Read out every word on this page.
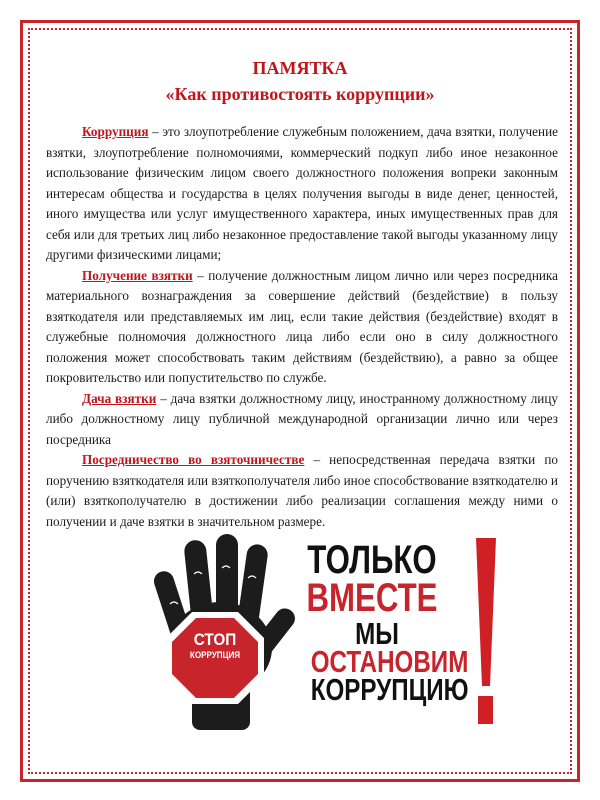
ПАМЯТКА
«Как противостоять коррупции»

Коррупция – это злоупотребление служебным положением, дача взятки, получение взятки, злоупотребление полномочиями, коммерческий подкуп либо иное незаконное использование физическим лицом своего должностного положения вопреки законным интересам общества и государства в целях получения выгоды в виде денег, ценностей, иного имущества или услуг имущественного характера, иных имущественных прав для себя или для третьих лиц либо незаконное предоставление такой выгоды указанному лицу другими физическими лицами;

Получение взятки – получение должностным лицом лично или через посредника материального вознаграждения за совершение действий (бездействие) в пользу взяткодателя или представляемых им лиц, если такие действия (бездействие) входят в служебные полномочия должностного лица либо если оно в силу должностного положения может способствовать таким действиям (бездействию), а равно за общее покровительство или попустительство по службе.

Дача взятки – дача взятки должностному лицу, иностранному должностному лицу либо должностному лицу публичной международной организации лично или через посредника

Посредничество во взяточничестве – непосредственная передача взятки по поручению взяткодателя или взяткополучателя либо иное способствование взяткодателю и (или) взяткополучателю в достижении либо реализации соглашения между ними о получении и даче взятки в значительном размере.

СТОП
КОРРУПЦИЯ
ТОЛЬКО
ВМЕСТЕ
МЫ
ОСТАНОВИМ
КОРРУПЦИЮ
